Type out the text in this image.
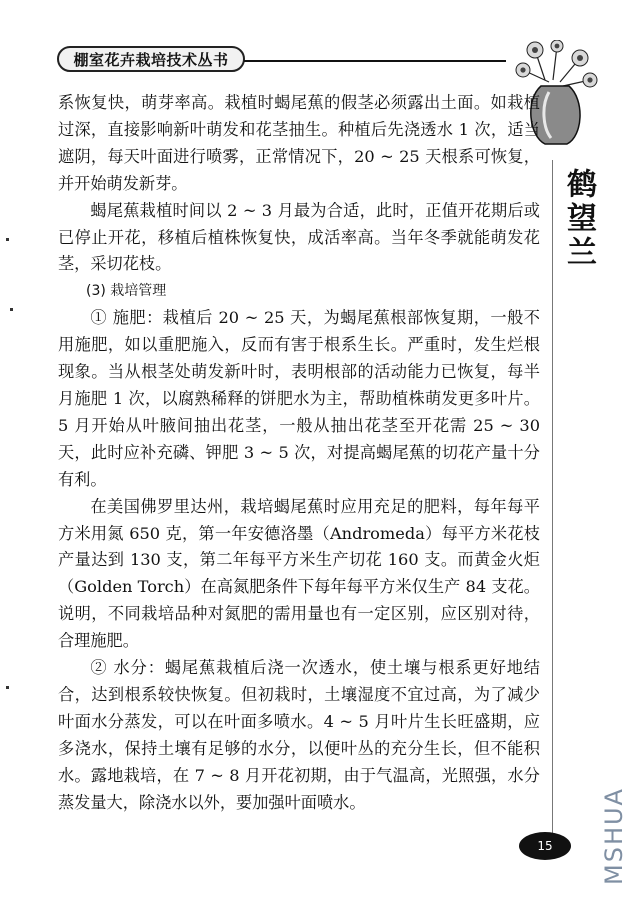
棚室花卉栽培技术丛书
鹤望兰

系恢复快，萌芽率高。栽植时蝎尾蕉的假茎必须露出土面。如栽植过深，直接影响新叶萌发和花茎抽生。种植后先浇透水 1 次，适当遮阴，每天叶面进行喷雾，正常情况下，20 ~ 25 天根系可恢复，并开始萌发新芽。

蝎尾蕉栽植时间以 2 ~ 3 月最为合适，此时，正值开花期后或已停止开花，移植后植株恢复快，成活率高。当年冬季就能萌发花茎，采切花枝。

(3) 栽培管理

① 施肥：栽植后 20 ~ 25 天，为蝎尾蕉根部恢复期，一般不用施肥，如以重肥施入，反而有害于根系生长。严重时，发生烂根现象。当从根茎处萌发新叶时，表明根部的活动能力已恢复，每半月施肥 1 次，以腐熟稀释的饼肥水为主，帮助植株萌发更多叶片。5 月开始从叶腋间抽出花茎，一般从抽出花茎至开花需 25 ~ 30 天，此时应补充磷、钾肥 3 ~ 5 次，对提高蝎尾蕉的切花产量十分有利。

在美国佛罗里达州，栽培蝎尾蕉时应用充足的肥料，每年每平方米用氮 650 克，第一年安德洛墨（Andromeda）每平方米花枝产量达到 130 支，第二年每平方米生产切花 160 支。而黄金火炬（Golden Torch）在高氮肥条件下每年每平方米仅生产 84 支花。说明，不同栽培品种对氮肥的需用量也有一定区别，应区别对待，合理施肥。

② 水分：蝎尾蕉栽植后浇一次透水，使土壤与根系更好地结合，达到根系较快恢复。但初栽时，土壤湿度不宜过高，为了减少叶面水分蒸发，可以在叶面多喷水。4 ~ 5 月叶片生长旺盛期，应多浇水，保持土壤有足够的水分，以便叶丛的充分生长，但不能积水。露地栽培，在 7 ~ 8 月开花初期，由于气温高，光照强，水分蒸发量大，除浇水以外，要加强叶面喷水。

15	MSHUA
